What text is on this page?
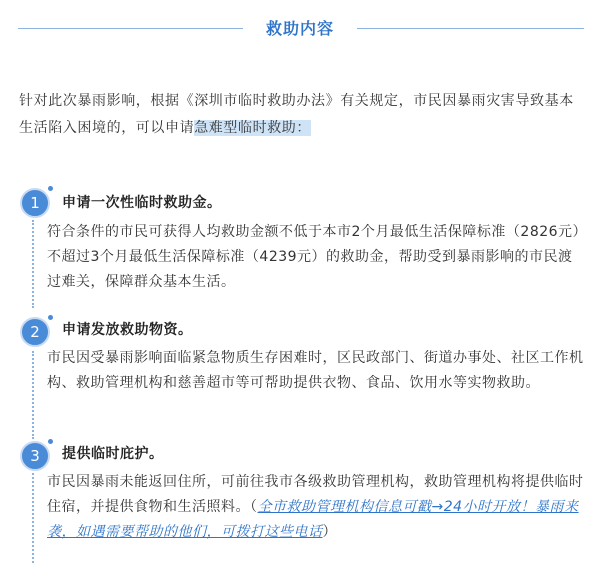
救助内容

针对此次暴雨影响，根据《深圳市临时救助办法》有关规定，市民因暴雨灾害导致基本生活陷入困境的，可以申请急难型临时救助：

1	申请一次性临时救助金。

符合条件的市民可获得人均救助金额不低于本市2个月最低生活保障标准（2826元）不超过3个月最低生活保障标准（4239元）的救助金，帮助受到暴雨影响的市民渡过难关，保障群众基本生活。

2	申请发放救助物资。

市民因受暴雨影响面临紧急物质生存困难时，区民政部门、街道办事处、社区工作机构、救助管理机构和慈善超市等可帮助提供衣物、食品、饮用水等实物救助。

3	提供临时庇护。

市民因暴雨未能返回住所，可前往我市各级救助管理机构，救助管理机构将提供临时住宿，并提供食物和生活照料。（全市救助管理机构信息可戳→24小时开放！暴雨来袭，如遇需要帮助的他们，可拨打这些电话）
